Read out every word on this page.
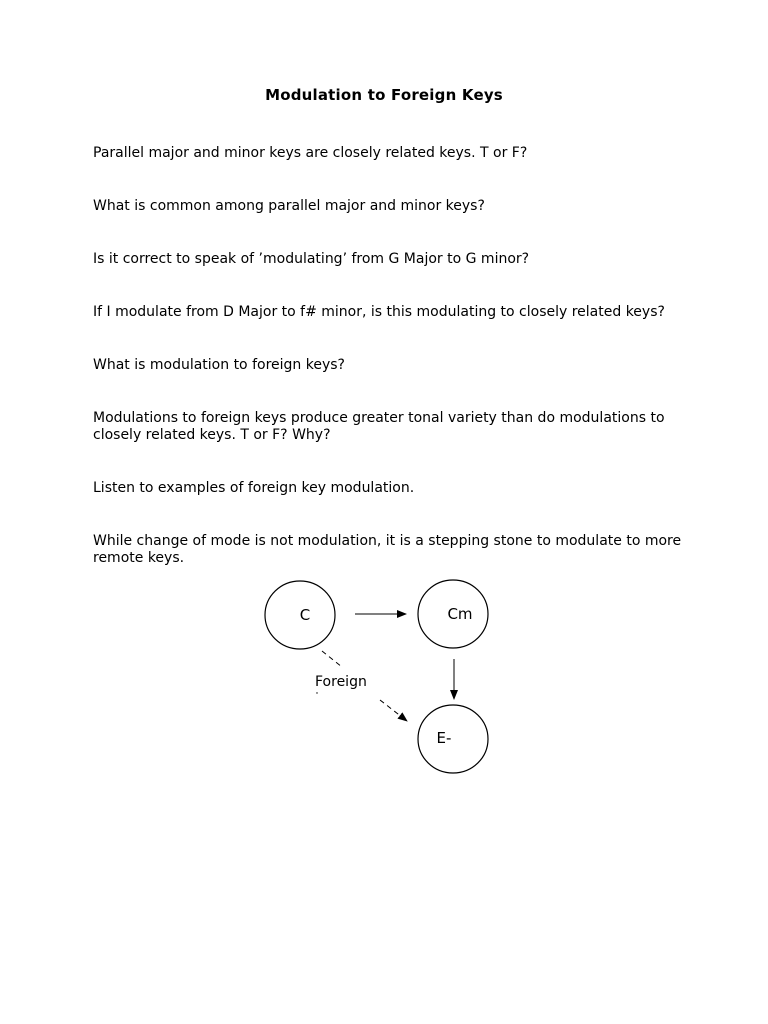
Modulation to Foreign Keys
Parallel major and minor keys are closely related keys. T or F?
What is common among parallel major and minor keys?
Is it correct to speak of ’modulating’ from G Major to G minor?
If I modulate from D Major to f# minor, is this modulating to closely related keys?
What is modulation to foreign keys?
Modulations to foreign keys produce greater tonal variety than do modulations to closely related keys. T or F? Why?
Listen to examples of foreign key modulation.
While change of mode is not modulation, it is a stepping stone to modulate to more remote keys.
C	Cm
E-
Foreign
